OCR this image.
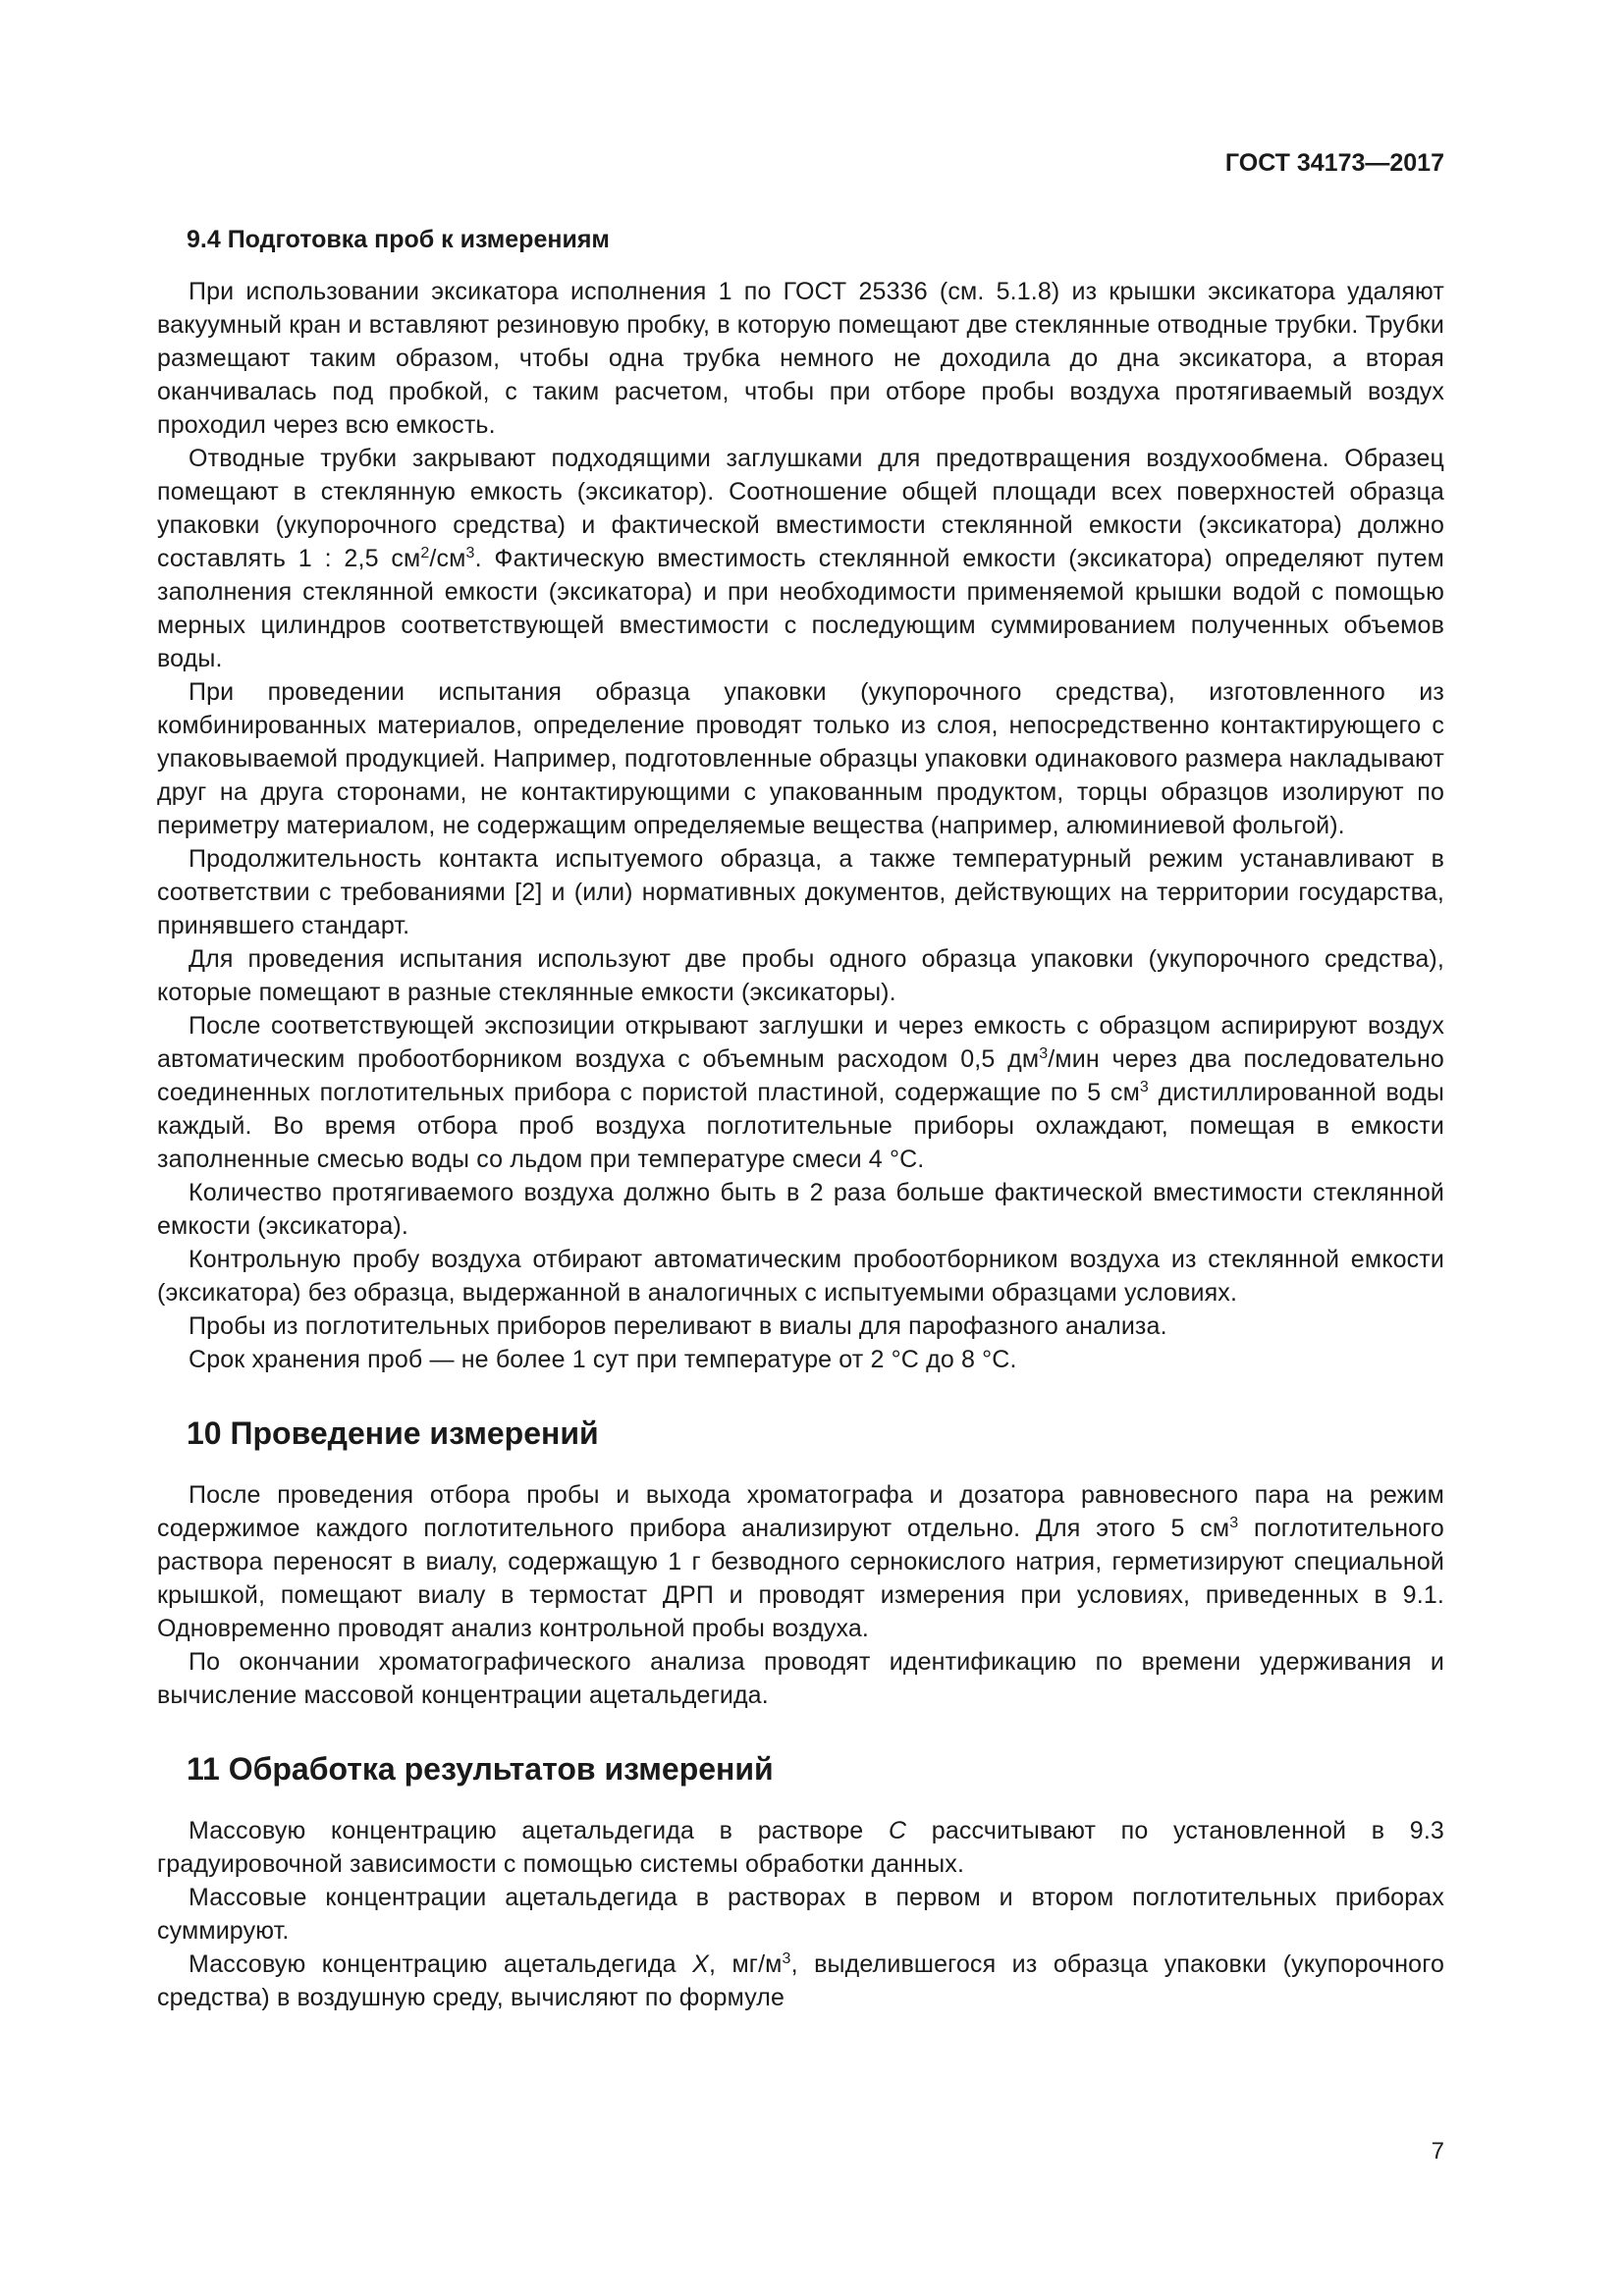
ГОСТ 34173—2017
9.4 Подготовка проб к измерениям

При использовании эксикатора исполнения 1 по ГОСТ 25336 (см. 5.1.8) из крышки эксикатора удаляют вакуумный кран и вставляют резиновую пробку, в которую помещают две стеклянные отводные трубки. Трубки размещают таким образом, чтобы одна трубка немного не доходила до дна эксикатора, а вторая оканчивалась под пробкой, с таким расчетом, чтобы при отборе пробы воздуха протягиваемый воздух проходил через всю емкость.

Отводные трубки закрывают подходящими заглушками для предотвращения воздухообмена. Образец помещают в стеклянную емкость (эксикатор). Соотношение общей площади всех поверхностей образца упаковки (укупорочного средства) и фактической вместимости стеклянной емкости (эксикатора) должно составлять 1 : 2,5 $см^2/см^3$. Фактическую вместимость стеклянной емкости (эксикатора) определяют путем заполнения стеклянной емкости (эксикатора) и при необходимости применяемой крышки водой с помощью мерных цилиндров соответствующей вместимости с последующим суммированием полученных объемов воды.

При проведении испытания образца упаковки (укупорочного средства), изготовленного из комбинированных материалов, определение проводят только из слоя, непосредственно контактирующего с упаковываемой продукцией. Например, подготовленные образцы упаковки одинакового размера накладывают друг на друга сторонами, не контактирующими с упакованным продуктом, торцы образцов изолируют по периметру материалом, не содержащим определяемые вещества (например, алюминиевой фольгой).

Продолжительность контакта испытуемого образца, а также температурный режим устанавливают в соответствии с требованиями [2] и (или) нормативных документов, действующих на территории государства, принявшего стандарт.

Для проведения испытания используют две пробы одного образца упаковки (укупорочного средства), которые помещают в разные стеклянные емкости (эксикаторы).

После соответствующей экспозиции открывают заглушки и через емкость с образцом аспирируют воздух автоматическим пробоотборником воздуха с объемным расходом 0,5 $дм^3$/мин через два последовательно соединенных поглотительных прибора с пористой пластиной, содержащие по 5 $см^3$ дистиллированной воды каждый. Во время отбора проб воздуха поглотительные приборы охлаждают, помещая в емкости заполненные смесью воды со льдом при температуре смеси 4 °С.

Количество протягиваемого воздуха должно быть в 2 раза больше фактической вместимости стеклянной емкости (эксикатора).

Контрольную пробу воздуха отбирают автоматическим пробоотборником воздуха из стеклянной емкости (эксикатора) без образца, выдержанной в аналогичных с испытуемыми образцами условиях.

Пробы из поглотительных приборов переливают в виалы для парофазного анализа.

Срок хранения проб — не более 1 сут при температуре от 2 °С до 8 °С.

10 Проведение измерений

После проведения отбора пробы и выхода хроматографа и дозатора равновесного пара на режим содержимое каждого поглотительного прибора анализируют отдельно. Для этого 5 $см^3$ поглотительного раствора переносят в виалу, содержащую 1 г безводного сернокислого натрия, герметизируют специальной крышкой, помещают виалу в термостат ДРП и проводят измерения при условиях, приведенных в 9.1. Одновременно проводят анализ контрольной пробы воздуха.

По окончании хроматографического анализа проводят идентификацию по времени удерживания и вычисление массовой концентрации ацетальдегида.

11 Обработка результатов измерений

Массовую концентрацию ацетальдегида в растворе С рассчитывают по установленной в 9.3 градуировочной зависимости с помощью системы обработки данных.

Массовые концентрации ацетальдегида в растворах в первом и втором поглотительных приборах суммируют.

Массовую концентрацию ацетальдегида X, $мг/м^3$, выделившегося из образца упаковки (укупорочного средства) в воздушную среду, вычисляют по формуле

7
